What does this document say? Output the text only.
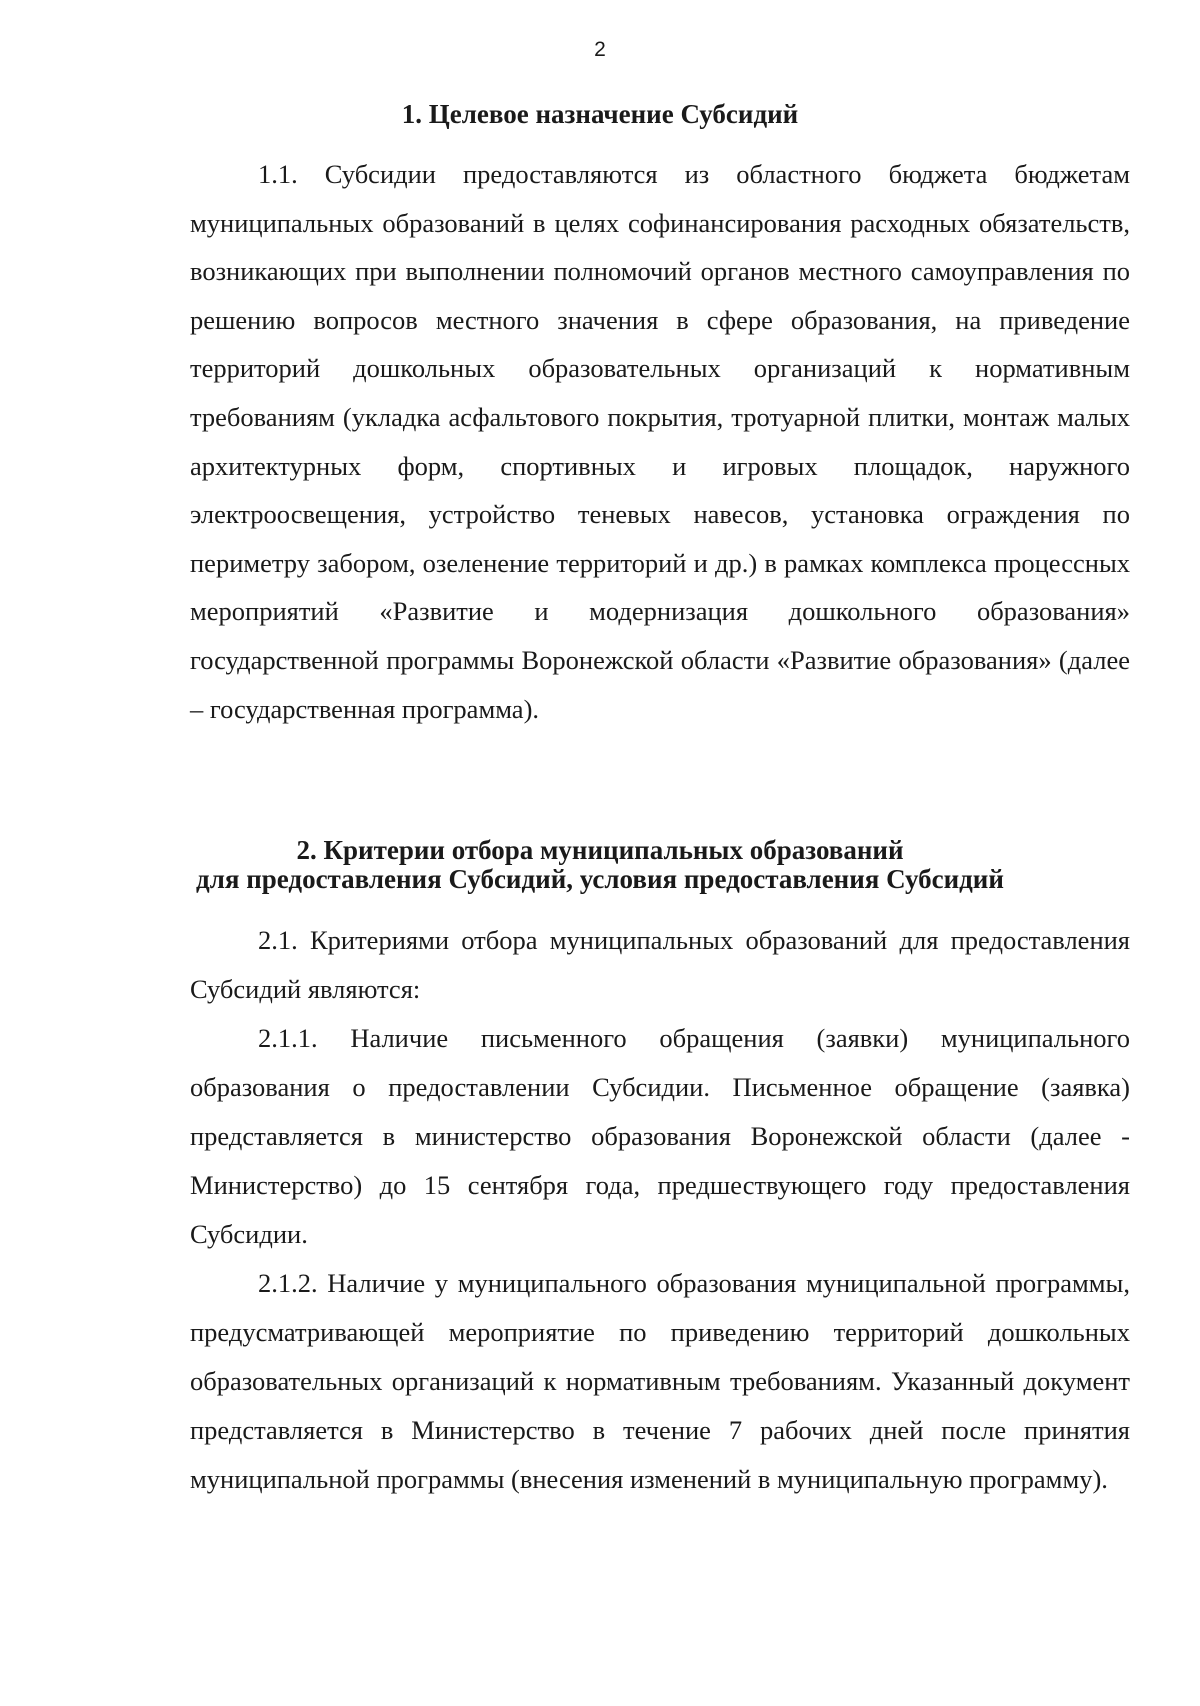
2
1. Целевое назначение Субсидий

1.1. Субсидии предоставляются из областного бюджета бюджетам муниципальных образований в целях софинансирования расходных обязательств, возникающих при выполнении полномочий органов местного самоуправления по решению вопросов местного значения в сфере образования, на приведение территорий дошкольных образовательных организаций к нормативным требованиям (укладка асфальтового покрытия, тротуарной плитки, монтаж малых архитектурных форм, спортивных и игровых площадок, наружного электроосвещения, устройство теневых навесов, установка ограждения по периметру забором, озеленение территорий и др.) в рамках комплекса процессных мероприятий «Развитие и модернизация дошкольного образования» государственной программы Воронежской области «Развитие образования» (далее – государственная программа).

2. Критерии отбора муниципальных образований
для предоставления Субсидий, условия предоставления Субсидий

2.1. Критериями отбора муниципальных образований для предоставления Субсидий являются:

2.1.1. Наличие письменного обращения (заявки) муниципального образования о предоставлении Субсидии. Письменное обращение (заявка) представляется в министерство образования Воронежской области (далее - Министерство) до 15 сентября года, предшествующего году предоставления Субсидии.

2.1.2. Наличие у муниципального образования муниципальной программы, предусматривающей мероприятие по приведению территорий дошкольных образовательных организаций к нормативным требованиям. Указанный документ представляется в Министерство в течение 7 рабочих дней после принятия муниципальной программы (внесения изменений в муниципальную программу).
